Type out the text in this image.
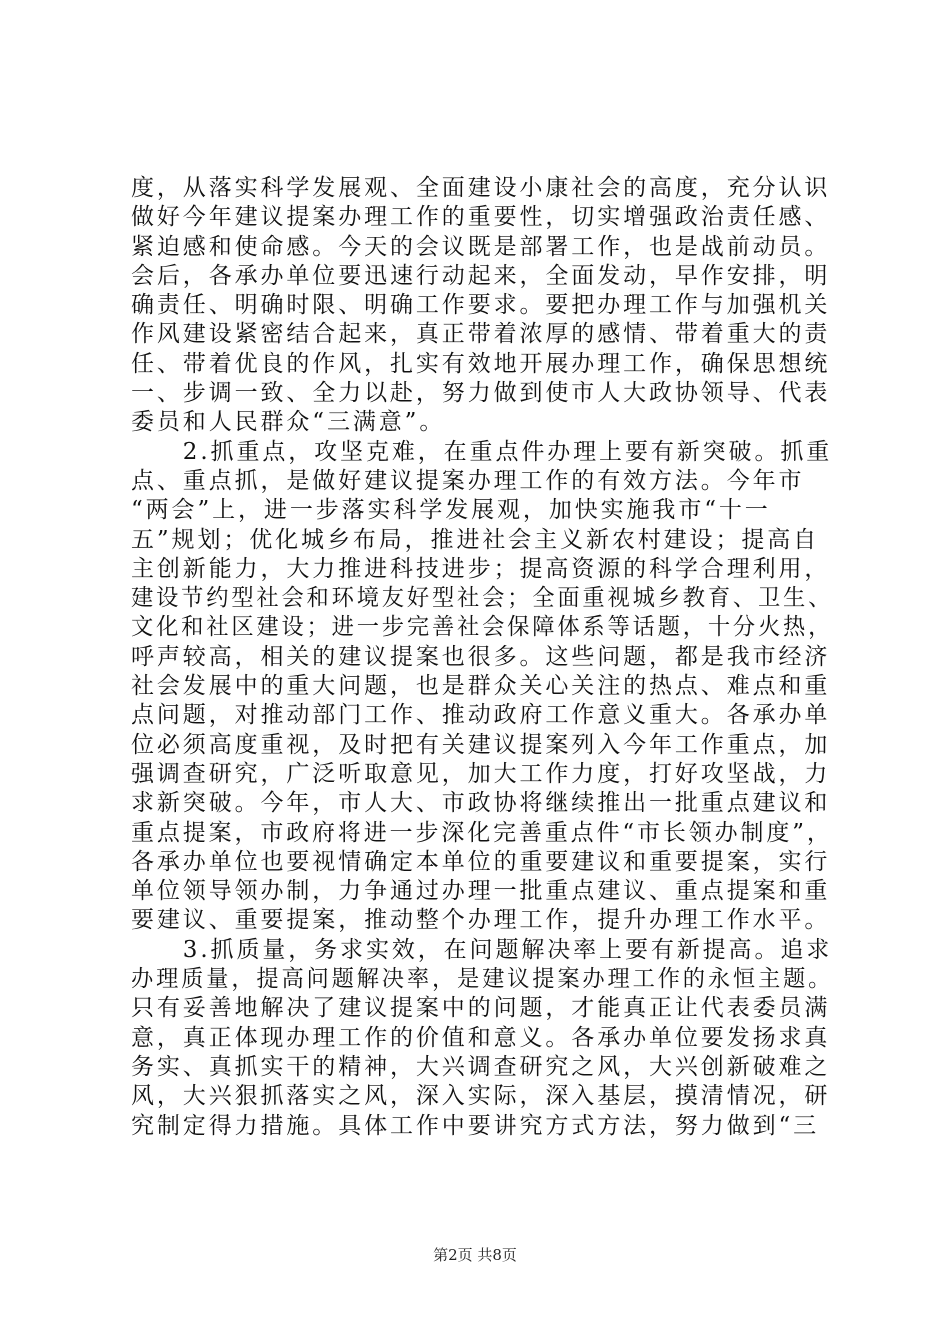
度，从落实科学发展观、全面建设小康社会的高度，充分认识
做好今年建议提案办理工作的重要性，切实增强政治责任感、
紧迫感和使命感。今天的会议既是部署工作，也是战前动员。
会后，各承办单位要迅速行动起来，全面发动，早作安排，明
确责任、明确时限、明确工作要求。要把办理工作与加强机关
作风建设紧密结合起来，真正带着浓厚的感情、带着重大的责
任、带着优良的作风，扎实有效地开展办理工作，确保思想统
一、步调一致、全力以赴，努力做到使市人大政协领导、代表
委员和人民群众“三满意”。
　　2.抓重点，攻坚克难，在重点件办理上要有新突破。抓重
点、重点抓，是做好建议提案办理工作的有效方法。今年市
“两会”上，进一步落实科学发展观，加快实施我市“十一
五”规划；优化城乡布局，推进社会主义新农村建设；提高自
主创新能力，大力推进科技进步；提高资源的科学合理利用，
建设节约型社会和环境友好型社会；全面重视城乡教育、卫生、
文化和社区建设；进一步完善社会保障体系等话题，十分火热，
呼声较高，相关的建议提案也很多。这些问题，都是我市经济
社会发展中的重大问题，也是群众关心关注的热点、难点和重
点问题，对推动部门工作、推动政府工作意义重大。各承办单
位必须高度重视，及时把有关建议提案列入今年工作重点，加
强调查研究，广泛听取意见，加大工作力度，打好攻坚战，力
求新突破。今年，市人大、市政协将继续推出一批重点建议和
重点提案，市政府将进一步深化完善重点件“市长领办制度”，
各承办单位也要视情确定本单位的重要建议和重要提案，实行
单位领导领办制，力争通过办理一批重点建议、重点提案和重
要建议、重要提案，推动整个办理工作，提升办理工作水平。
　　3.抓质量，务求实效，在问题解决率上要有新提高。追求
办理质量，提高问题解决率，是建议提案办理工作的永恒主题。
只有妥善地解决了建议提案中的问题，才能真正让代表委员满
意，真正体现办理工作的价值和意义。各承办单位要发扬求真
务实、真抓实干的精神，大兴调查研究之风，大兴创新破难之
风，大兴狠抓落实之风，深入实际，深入基层，摸清情况，研
究制定得力措施。具体工作中要讲究方式方法，努力做到“三
第2页 共8页
